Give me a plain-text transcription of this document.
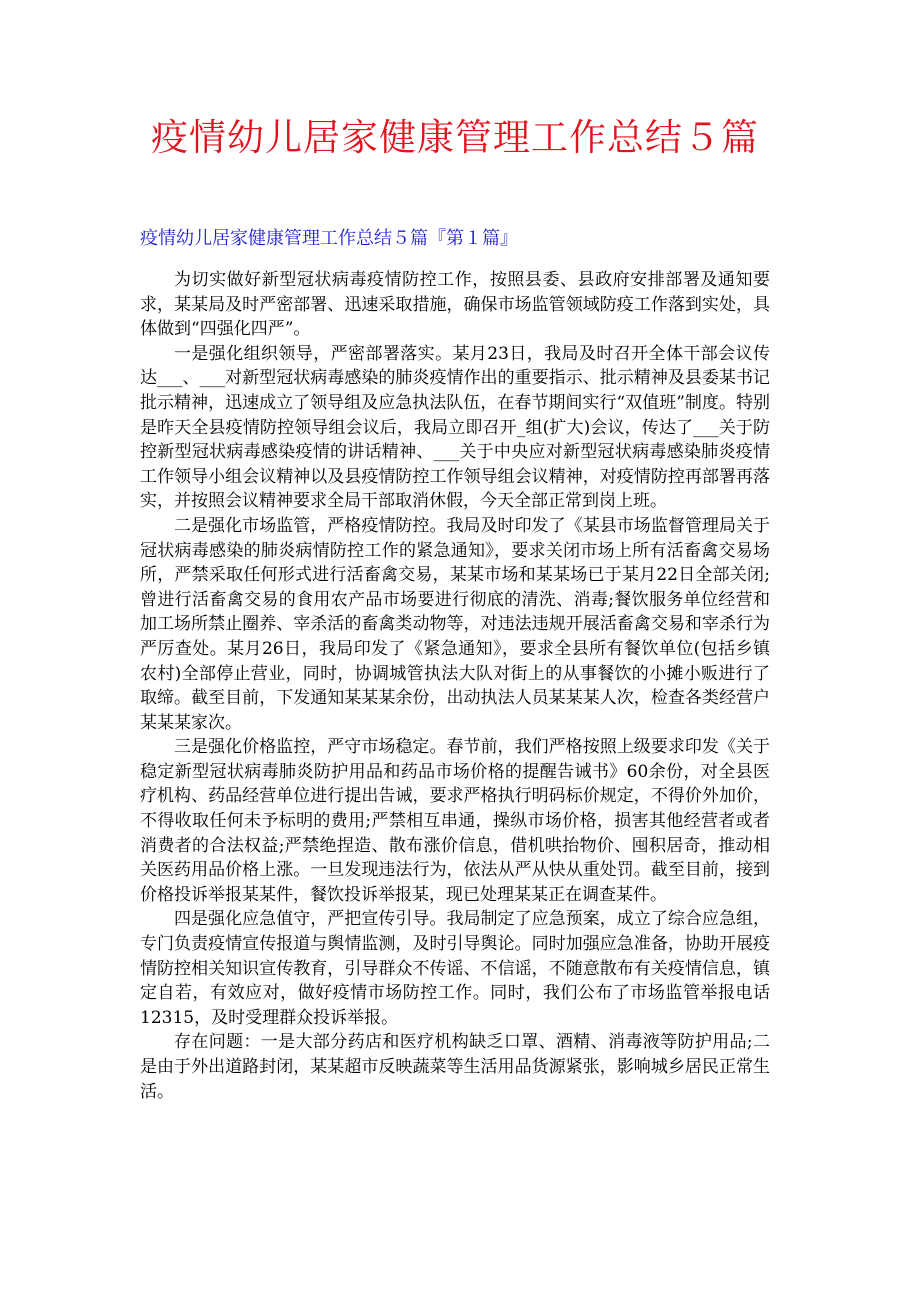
疫情幼儿居家健康管理工作总结５篇
疫情幼儿居家健康管理工作总结５篇『第１篇』

为切实做好新型冠状病毒疫情防控工作，按照县委、县政府安排部署及通知要求，某某局及时严密部署、迅速采取措施，确保市场监管领域防疫工作落到实处，具体做到“四强化四严”。

一是强化组织领导，严密部署落实。某月23日，我局及时召开全体干部会议传达___、___对新型冠状病毒感染的肺炎疫情作出的重要指示、批示精神及县委某书记批示精神，迅速成立了领导组及应急执法队伍，在春节期间实行“双值班”制度。特别是昨天全县疫情防控领导组会议后，我局立即召开_组(扩大)会议，传达了___关于防控新型冠状病毒感染疫情的讲话精神、___关于中央应对新型冠状病毒感染肺炎疫情工作领导小组会议精神以及县疫情防控工作领导组会议精神，对疫情防控再部署再落实，并按照会议精神要求全局干部取消休假，今天全部正常到岗上班。

二是强化市场监管，严格疫情防控。我局及时印发了《某县市场监督管理局关于冠状病毒感染的肺炎病情防控工作的紧急通知》，要求关闭市场上所有活畜禽交易场所，严禁采取任何形式进行活畜禽交易，某某市场和某某场已于某月22日全部关闭;曾进行活畜禽交易的食用农产品市场要进行彻底的清洗、消毒;餐饮服务单位经营和加工场所禁止圈养、宰杀活的畜禽类动物等，对违法违规开展活畜禽交易和宰杀行为严厉查处。某月26日，我局印发了《紧急通知》，要求全县所有餐饮单位(包括乡镇农村)全部停止营业，同时，协调城管执法大队对街上的从事餐饮的小摊小贩进行了取缔。截至目前，下发通知某某某余份，出动执法人员某某某人次，检查各类经营户某某某家次。

三是强化价格监控，严守市场稳定。春节前，我们严格按照上级要求印发《关于稳定新型冠状病毒肺炎防护用品和药品市场价格的提醒告诫书》60余份，对全县医疗机构、药品经营单位进行提出告诫，要求严格执行明码标价规定，不得价外加价，不得收取任何未予标明的费用;严禁相互串通，操纵市场价格，损害其他经营者或者消费者的合法权益;严禁绝捏造、散布涨价信息，借机哄抬物价、囤积居奇，推动相关医药用品价格上涨。一旦发现违法行为，依法从严从快从重处罚。截至目前，接到价格投诉举报某某件，餐饮投诉举报某，现已处理某某正在调查某件。

四是强化应急值守，严把宣传引导。我局制定了应急预案，成立了综合应急组，专门负责疫情宣传报道与舆情监测，及时引导舆论。同时加强应急准备，协助开展疫情防控相关知识宣传教育，引导群众不传谣、不信谣，不随意散布有关疫情信息，镇定自若，有效应对，做好疫情市场防控工作。同时，我们公布了市场监管举报电话12315，及时受理群众投诉举报。

存在问题：一是大部分药店和医疗机构缺乏口罩、酒精、消毒液等防护用品;二是由于外出道路封闭，某某超市反映蔬菜等生活用品货源紧张，影响城乡居民正常生活。
